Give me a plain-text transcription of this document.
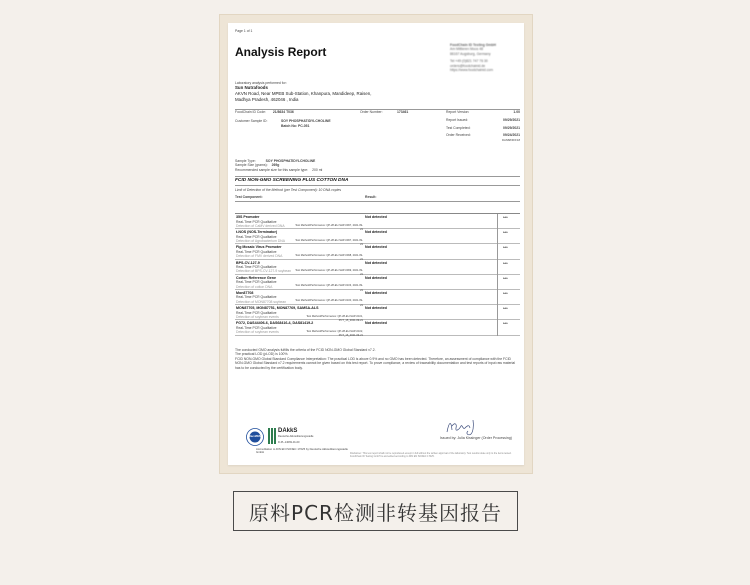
Page 1 of 1
Analysis Report	FoodChain ID Testing GmbH
Am Mittleren Moos 48
86167 Augsburg, Germany
Tel +49 (0)821 747 76 30
orders@foodchainid.de
https://www.foodchainid.com
Laboratory analysis performed for:
Sun Nutrafoods
AKVN Road, Near MPEB Sub-Station, Khanpura, Mandideep, Raisen, Madhya Pradesh, 462046 , India
FoodChain ID Code: 21/8634 T036	Order Number:	173461
Customer Sample ID:	SOY PHOSPHATIDYLCHOLINE
Batch No: PC-051
Report Version:	1.00
Report Issued:	09/29/2021
Test Completed:	09/29/2021
Order Received:	09/24/2021
DAN68/FFF18
Sample Type:	SOY PHOSPHATIDYLCHOLINE
Sample Size (grams): 269g
Recommended sample size for this sample type: 200 ml
FCID NON-GMO SCREENING PLUS COTTON DNA
Limit of Detection of the Method (per Test Component): 10 DNA copies
Test Component:	Result:
35S Promoter
Real-Time PCR Qualitative
Detection of CaMV derived DNA	Test Method/Performance: QP-28-EU-SHP-0097, 2021-09-21
Not detected	***
t-NOS (NOS-Terminator)
Real-Time PCR Qualitative
Detection of Agrobacterium DNA	Test Method/Performance: QP-28-EU-SHP-0097, 2021-09-21
Not detected	***
Fig Mosaic Virus Promoter
Real-Time PCR Qualitative
Detection of FMV derived DNA	Test Method/Performance: QP-28-EU-SHP-0098, 2021-09-21
Not detected	***
BPS-CV-127-9
Real-Time PCR Qualitative
Detection of BPS-CV-127-9 soybean	Test Method/Performance: QP-28-EU-SHP-0099, 2021-09-21
Not detected	***
Cotton Reference Gene
Real-Time PCR Qualitative
Detection of cotton DNA	Test Method/Performance: QP-28-EU-SHP-0103, 2021-09-21
Not detected	***
Mon87708
Real-Time PCR Qualitative
Detection of MON87708 soybean	Test Method/Performance: QP-28-EU-SHP-0100, 2021-09-21
Not detected	***
MON87705, MON87751, MON87769, SAMSA-ALS
Real-Time PCR Qualitative
Detection of soybean events	Test Method/Performance: QP-28-EU-SHP-0101, PCT_15_2021-09-21
Not detected	***
FG72, DAS44406-6, DAS68416-4, DAS81419-2
Real-Time PCR Qualitative
Detection of soybean events	Test Method/Performance: QP-28-EU-SHP-0102, PCT_16_2021-09-21
Not detected	***
The conducted GMO analysis fulfills the criteria of the FCID NON-GMO Global Standard v7.2.
The practical LOD (pLOD) is 100%.
FCID NON-GMO Global Standard Compliance Interpretation: The practical LOD is above 0.9% and no GMO has been detected. Therefore, an assessment of compliance with the FCID NON-GMO Global Standard v7.2 requirements cannot be given based on this test report. To prove compliance, a review of traceability documentation and test reports of input raw material has to be conducted by the certification body.
ilac-MRA
DAkkS
Deutsche Akkreditierungsstelle
D-PL-14069-01-00
Accreditation to DIN EN ISO/IEC 17025 by Deutsche Akkreditierungsstelle GmbH
Issued by: Julia Kissinger (Order Processing)
Disclaimer: This test report shall not be reproduced except in full without the written approval of the laboratory. Test results relate only to the items tested. FoodChain ID Testing GmbH is accredited according to DIN EN ISO/IEC 17025.
原料PCR检测非转基因报告
